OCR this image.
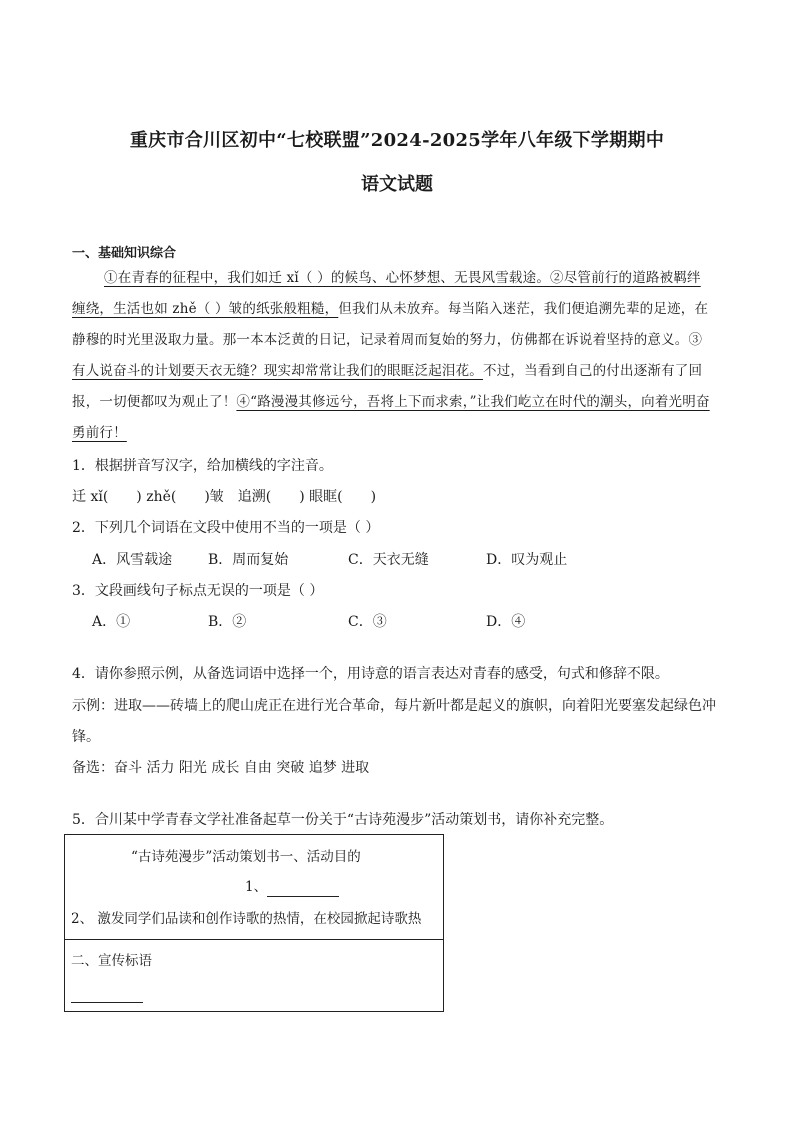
重庆市合川区初中“七校联盟”2024-2025学年八年级下学期期中
语文试题
一、基础知识综合
①在青春的征程中，我们如迁 xǐ（ ）的候鸟、心怀梦想、无畏风雪载途。②尽管前行的道路被羁绊
缠绕，生活也如 zhě（ ）皱的纸张般粗糙，但我们从未放弃。每当陷入迷茫，我们便追溯先辈的足迹，在
静穆的时光里汲取力量。那一本本泛黄的日记，记录着周而复始的努力，仿佛都在诉说着坚持的意义。③
有人说奋斗的计划要天衣无缝？现实却常常让我们的眼眶泛起泪花。不过，当看到自己的付出逐渐有了回
报，一切便都叹为观止了！④“路漫漫其修远兮，吾将上下而求索，”让我们屹立在时代的潮头，向着光明奋
勇前行！
1．根据拼音写汉字，给加横线的字注音。
迁 xǐ(　　) zhě(　　)皱　追溯(　　) 眼眶(　　)
2．下列几个词语在文段中使用不当的一项是（ ）
A．风雪载途	B．周而复始	C．天衣无缝	D．叹为观止
3．文段画线句子标点无误的一项是（ ）
A．①	B．②	C．③	D．④
4．请你参照示例，从备选词语中选择一个，用诗意的语言表达对青春的感受，句式和修辞不限。
示例：进取——砖墙上的爬山虎正在进行光合革命，每片新叶都是起义的旗帜，向着阳光要塞发起绿色冲
锋。
备选：奋斗 活力 阳光 成长 自由 突破 追梦 进取
5．合川某中学青春文学社准备起草一份关于“古诗苑漫步”活动策划书，请你补充完整。
“古诗苑漫步”活动策划书一、活动目的
1、
2、 激发同学们品读和创作诗歌的热情，在校园掀起诗歌热
二、宣传标语
